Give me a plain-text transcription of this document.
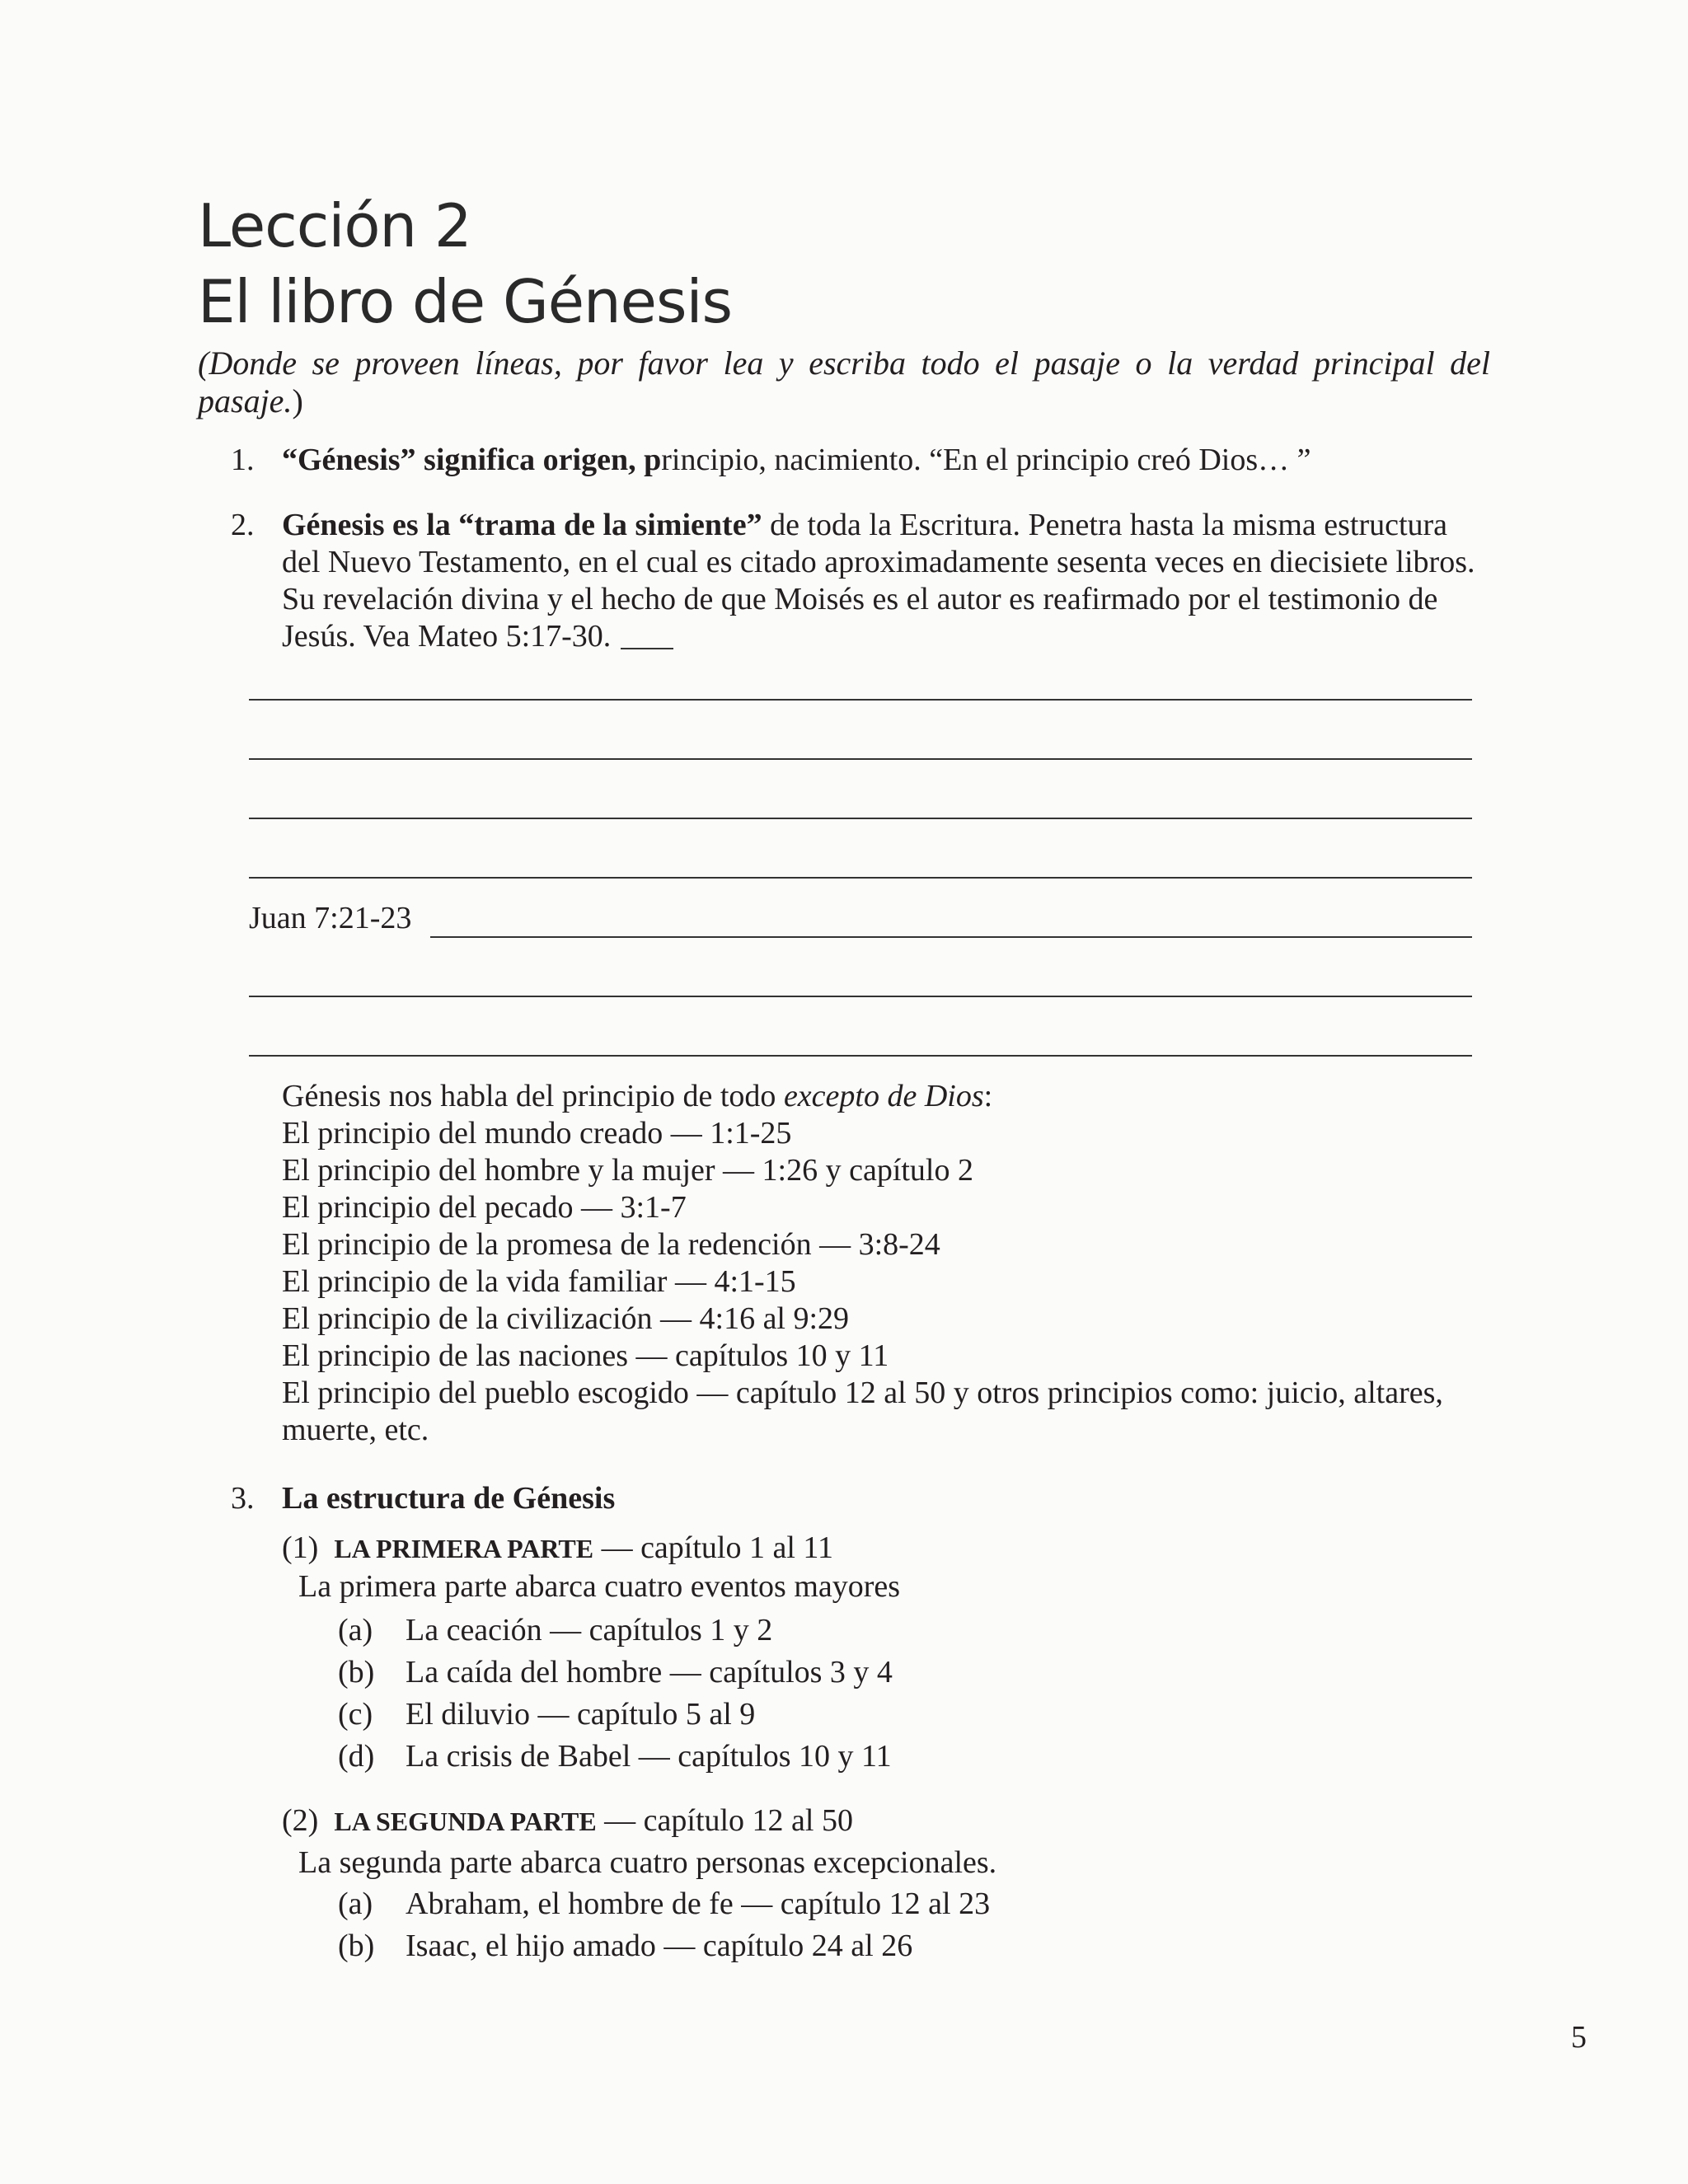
Lección 2
El libro de Génesis
(Donde se proveen líneas, por favor lea y escriba todo el pasaje o la verdad principal del pasaje.)
1. “Génesis” significa origen, principio, nacimiento. “En el principio creó Dios… ”
2. Génesis es la “trama de la simiente” de toda la Escritura. Penetra hasta la misma estructura
del Nuevo Testamento, en el cual es citado aproximadamente sesenta veces en diecisiete libros.
Su revelación divina y el hecho de que Moisés es el autor es reafirmado por el testimonio de
Jesús. Vea Mateo 5:17-30.
Juan 7:21-23
Génesis nos habla del principio de todo excepto de Dios:
El principio del mundo creado — 1:1-25
El principio del hombre y la mujer — 1:26 y capítulo 2
El principio del pecado — 3:1-7
El principio de la promesa de la redención — 3:8-24
El principio de la vida familiar — 4:1-15
El principio de la civilización — 4:16 al 9:29
El principio de las naciones — capítulos 10 y 11
El principio del pueblo escogido — capítulo 12 al 50 y otros principios como: juicio, altares, muerte, etc.
3. La estructura de Génesis
(1) LA PRIMERA PARTE — capítulo 1 al 11
La primera parte abarca cuatro eventos mayores
(a) La ceación — capítulos 1 y 2
(b) La caída del hombre — capítulos 3 y 4
(c) El diluvio — capítulo 5 al 9
(d) La crisis de Babel — capítulos 10 y 11
(2) LA SEGUNDA PARTE — capítulo 12 al 50
La segunda parte abarca cuatro personas excepcionales.
(a) Abraham, el hombre de fe — capítulo 12 al 23
(b) Isaac, el hijo amado — capítulo 24 al 26
5
